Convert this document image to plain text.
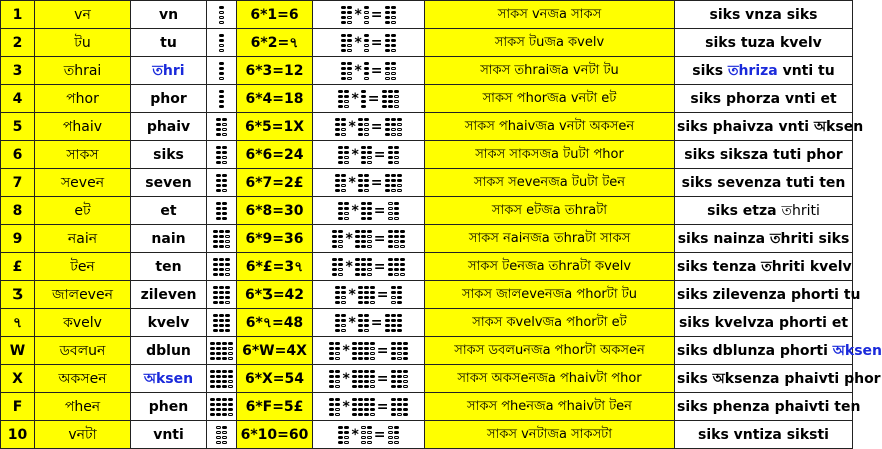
1	vন	vn		6*1=6	* =	সাকস vনজa সাকস	siks vnza siks
2	টu	tu		6*2=৭	* =	সাকস টuজa কvelv	siks tuza kvelv
3	তhrai	তhri		6*3=12	* =	সাকস তhraiজa vনটা টu	siks তhriza vnti tu
4	পhor	phor		6*4=18	* =	সাকস পhorজa vনটা eট	siks phorza vnti et
5	পhaiv	phaiv		6*5=1X	* =	সাকস পhaivজa vনটা অকসeন	siks phaivza vnti অksen
6	সাকস	siks		6*6=24	* =	সাকস সাকসজa টuটা পhor	siks siksza tuti phor
7	সeveন	seven		6*7=2£	* =	সাকস সeveনজa টuটা টeন	siks sevenza tuti ten
8	eট	et		6*8=30	* =	সাকস eটজa তhraটা	siks etza তhriti
9	নaiন	nain		6*9=36	* =	সাকস নaiনজa তhraটা সাকস	siks nainza তhriti siks
£	টeন	ten		6*£=3৭	* =	সাকস টeনজa তhraটা কvelv	siks tenza তhriti kvelv
Ʒ	জালeveন	zileven		6*Ʒ=42	* =	সাকস জালeveনজa পhorটা টu	siks zilevenza phorti tu
৭	কvelv	kvelv		6*৭=48	* =	সাকস কvelvজa পhorটা eট	siks kvelvza phorti et
W	ডবলuন	dblun		6*W=4X	* =	সাকস ডবলuনজa পhorটা অকসeন	siks dblunza phorti অksen
X	অকসeন	অksen		6*X=54	* =	সাকস অকসeনজa পhaivটা পhor	siks অksenza phaivti phor
F	পheন	phen		6*F=5£	* =	সাকস পheনজa পhaivটা টeন	siks phenza phaivti ten
10	vনটা	vnti		6*10=60	* =	সাকস vনটাজa সাকসটা	siks vntiza siksti
